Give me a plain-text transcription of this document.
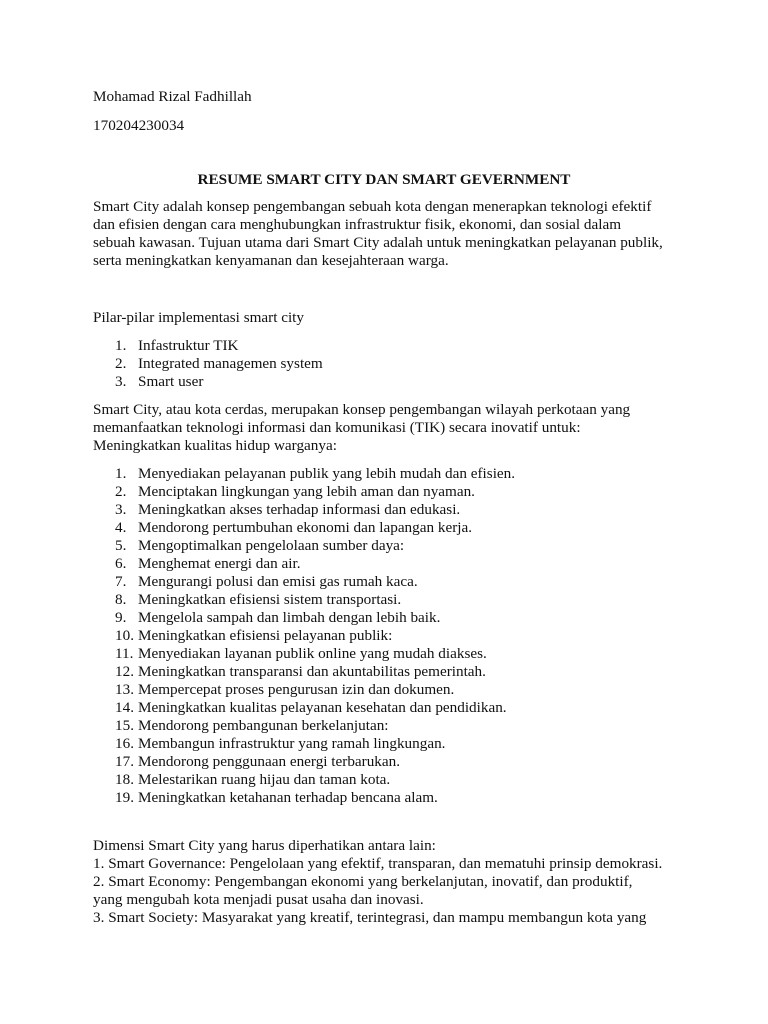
Mohamad Rizal Fadhillah
170204230034
RESUME SMART CITY DAN SMART GEVERNMENT
Smart City adalah konsep pengembangan sebuah kota dengan menerapkan teknologi efektif
dan efisien dengan cara menghubungkan infrastruktur fisik, ekonomi, dan sosial dalam
sebuah kawasan. Tujuan utama dari Smart City adalah untuk meningkatkan pelayanan publik,
serta meningkatkan kenyamanan dan kesejahteraan warga.
Pilar-pilar implementasi smart city
1. Infastruktur TIK
2. Integrated managemen system
3. Smart user
Smart City, atau kota cerdas, merupakan konsep pengembangan wilayah perkotaan yang
memanfaatkan teknologi informasi dan komunikasi (TIK) secara inovatif untuk:
Meningkatkan kualitas hidup warganya:
1. Menyediakan pelayanan publik yang lebih mudah dan efisien.
2. Menciptakan lingkungan yang lebih aman dan nyaman.
3. Meningkatkan akses terhadap informasi dan edukasi.
4. Mendorong pertumbuhan ekonomi dan lapangan kerja.
5. Mengoptimalkan pengelolaan sumber daya:
6. Menghemat energi dan air.
7. Mengurangi polusi dan emisi gas rumah kaca.
8. Meningkatkan efisiensi sistem transportasi.
9. Mengelola sampah dan limbah dengan lebih baik.
10. Meningkatkan efisiensi pelayanan publik:
11. Menyediakan layanan publik online yang mudah diakses.
12. Meningkatkan transparansi dan akuntabilitas pemerintah.
13. Mempercepat proses pengurusan izin dan dokumen.
14. Meningkatkan kualitas pelayanan kesehatan dan pendidikan.
15. Mendorong pembangunan berkelanjutan:
16. Membangun infrastruktur yang ramah lingkungan.
17. Mendorong penggunaan energi terbarukan.
18. Melestarikan ruang hijau dan taman kota.
19. Meningkatkan ketahanan terhadap bencana alam.
Dimensi Smart City yang harus diperhatikan antara lain:
1. Smart Governance: Pengelolaan yang efektif, transparan, dan mematuhi prinsip demokrasi.
2. Smart Economy: Pengembangan ekonomi yang berkelanjutan, inovatif, dan produktif,
yang mengubah kota menjadi pusat usaha dan inovasi.
3. Smart Society: Masyarakat yang kreatif, terintegrasi, dan mampu membangun kota yang
